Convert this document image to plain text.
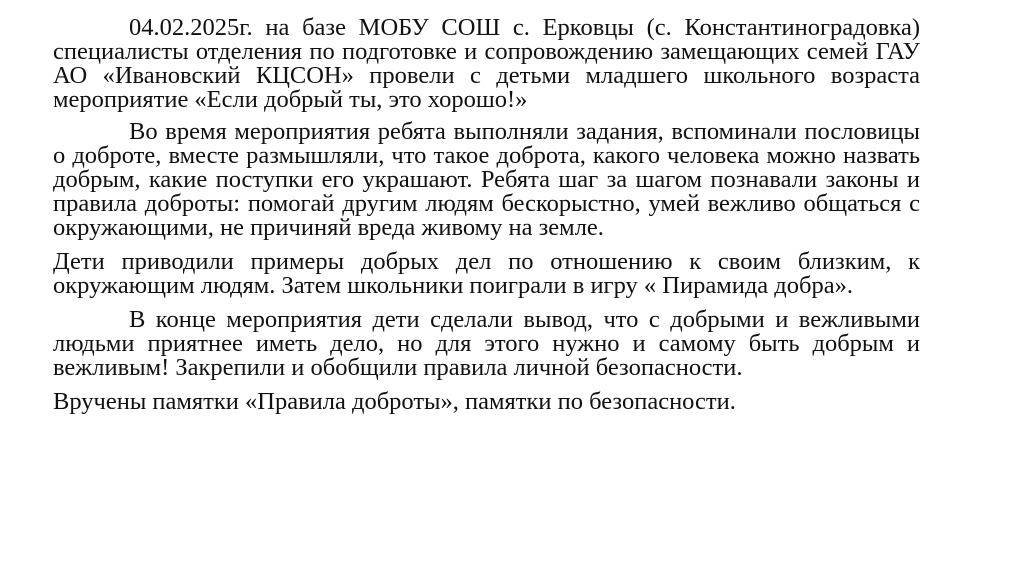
04.02.2025г. на базе МОБУ СОШ с. Ерковцы (с. Константиноградовка) специалисты отделения по подготовке и сопровождению замещающих семей ГАУ АО «Ивановский КЦСОН» провели с детьми младшего школьного возраста мероприятие «Если добрый ты, это хорошо!»

Во время мероприятия ребята выполняли задания, вспоминали пословицы о доброте, вместе размышляли, что такое доброта, какого человека можно назвать добрым, какие поступки его украшают. Ребята шаг за шагом познавали законы и правила доброты: помогай другим людям бескорыстно, умей вежливо общаться с окружающими, не причиняй вреда живому на земле.

Дети приводили примеры добрых дел по отношению к своим близким, к окружающим людям. Затем школьники поиграли в игру « Пирамида добра».

В конце мероприятия дети сделали вывод, что с добрыми и вежливыми людьми приятнее иметь дело, но для этого нужно и самому быть добрым и вежливым! Закрепили и обобщили правила личной безопасности.

Вручены памятки «Правила доброты», памятки по безопасности.
